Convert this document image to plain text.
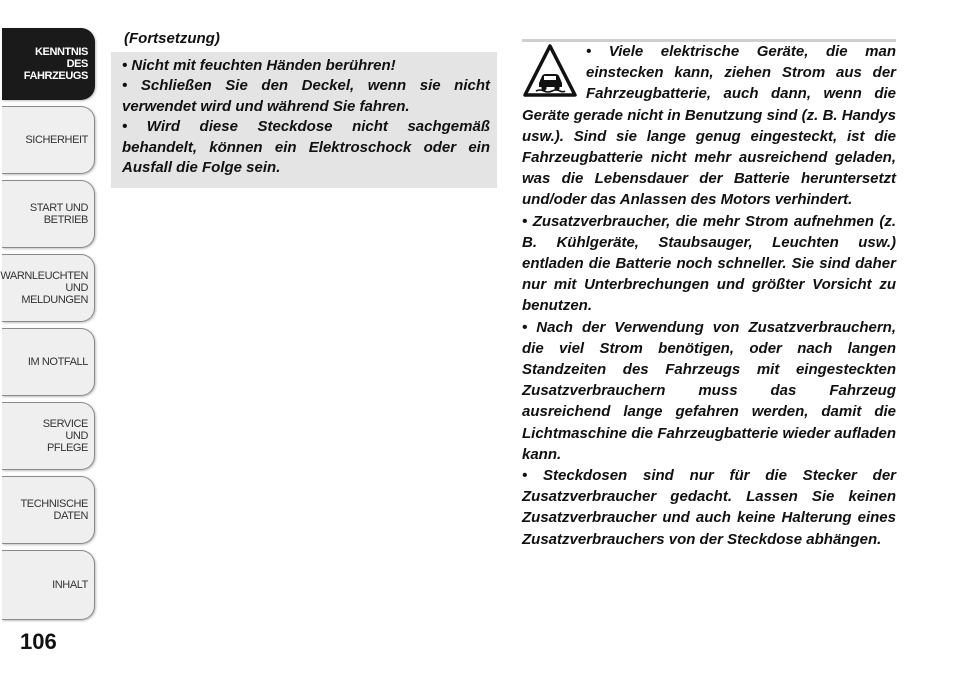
KENNTNIS
DES
FAHRZEUGS
SICHERHEIT
START UND
BETRIEB
WARNLEUCHTEN
UND
MELDUNGEN
IM NOTFALL
SERVICE
UND
PFLEGE
TECHNISCHE
DATEN
INHALT
106
(Fortsetzung)

• Nicht mit feuchten Händen berühren!

• Schließen Sie den Deckel, wenn sie nicht verwendet wird und während Sie fahren.

• Wird diese Steckdose nicht sachgemäß behandelt, können ein Elektroschock oder ein Ausfall die Folge sein.

• Viele elektrische Geräte, die man einstecken kann, ziehen Strom aus der Fahrzeugbatterie, auch dann, wenn die Geräte gerade nicht in Benutzung sind (z. B. Handys usw.). Sind sie lange genug eingesteckt, ist die Fahrzeugbatterie nicht mehr ausreichend geladen, was die Lebensdauer der Batterie heruntersetzt und/oder das Anlassen des Motors verhindert.

• Zusatzverbraucher, die mehr Strom aufnehmen (z. B. Kühlgeräte, Staubsauger, Leuchten usw.) entladen die Batterie noch schneller. Sie sind daher nur mit Unterbrechungen und größter Vorsicht zu benutzen.

• Nach der Verwendung von Zusatzverbrauchern, die viel Strom benötigen, oder nach langen Standzeiten des Fahrzeugs mit eingesteckten Zusatzverbrauchern muss das Fahrzeug ausreichend lange gefahren werden, damit die Lichtmaschine die Fahrzeugbatterie wieder aufladen kann.

• Steckdosen sind nur für die Stecker der Zusatzverbraucher gedacht. Lassen Sie keinen Zusatzverbraucher und auch keine Halterung eines Zusatzverbrauchers von der Steckdose abhängen.
